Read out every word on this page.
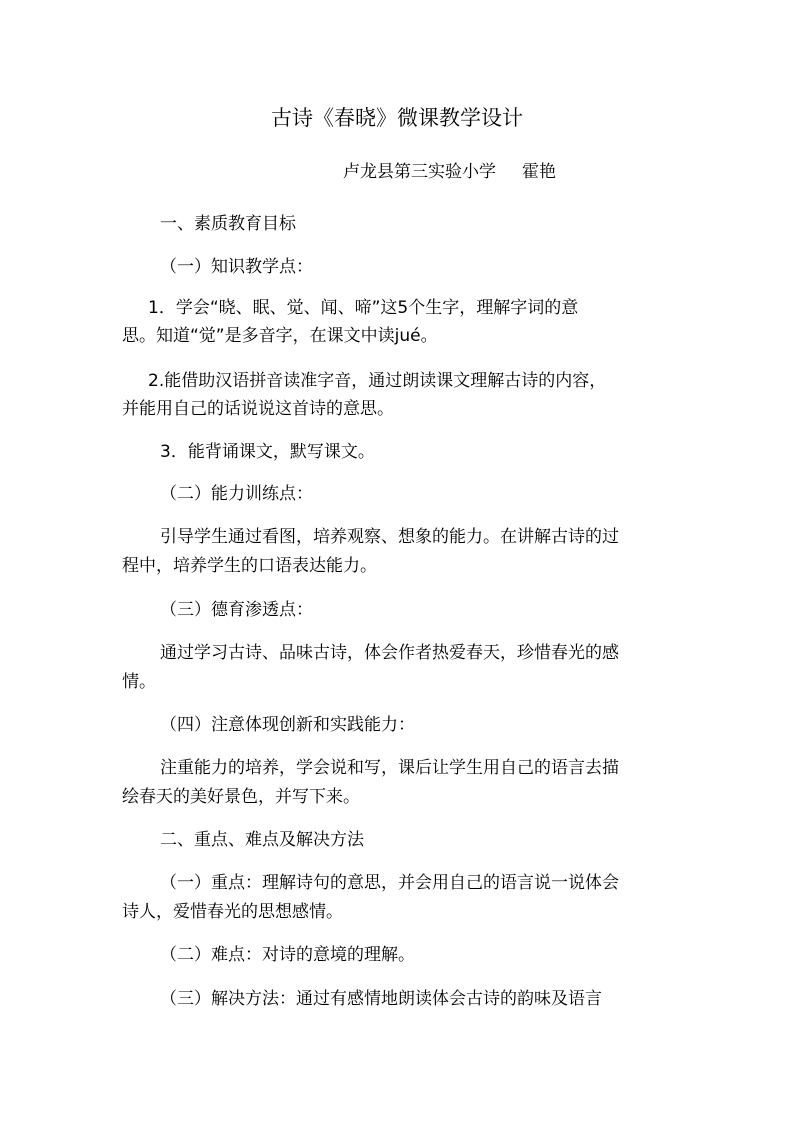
古诗《春晓》微课教学设计
卢龙县第三实验小学 霍艳
一、素质教育目标
（一）知识教学点：
1．学会“晓、眠、觉、闻、啼”这5个生字，理解字词的意
思。知道“觉”是多音字，在课文中读jué。
2.能借助汉语拼音读准字音，通过朗读课文理解古诗的内容，
并能用自己的话说说这首诗的意思。
3．能背诵课文，默写课文。
（二）能力训练点：
引导学生通过看图，培养观察、想象的能力。在讲解古诗的过
程中，培养学生的口语表达能力。
（三）德育渗透点：
通过学习古诗、品味古诗，体会作者热爱春天，珍惜春光的感
情。
（四）注意体现创新和实践能力：
注重能力的培养，学会说和写，课后让学生用自己的语言去描
绘春天的美好景色，并写下来。
二、重点、难点及解决方法
（一）重点：理解诗句的意思，并会用自己的语言说一说体会
诗人，爱惜春光的思想感情。
（二）难点：对诗的意境的理解。
（三）解决方法：通过有感情地朗读体会古诗的韵味及语言
